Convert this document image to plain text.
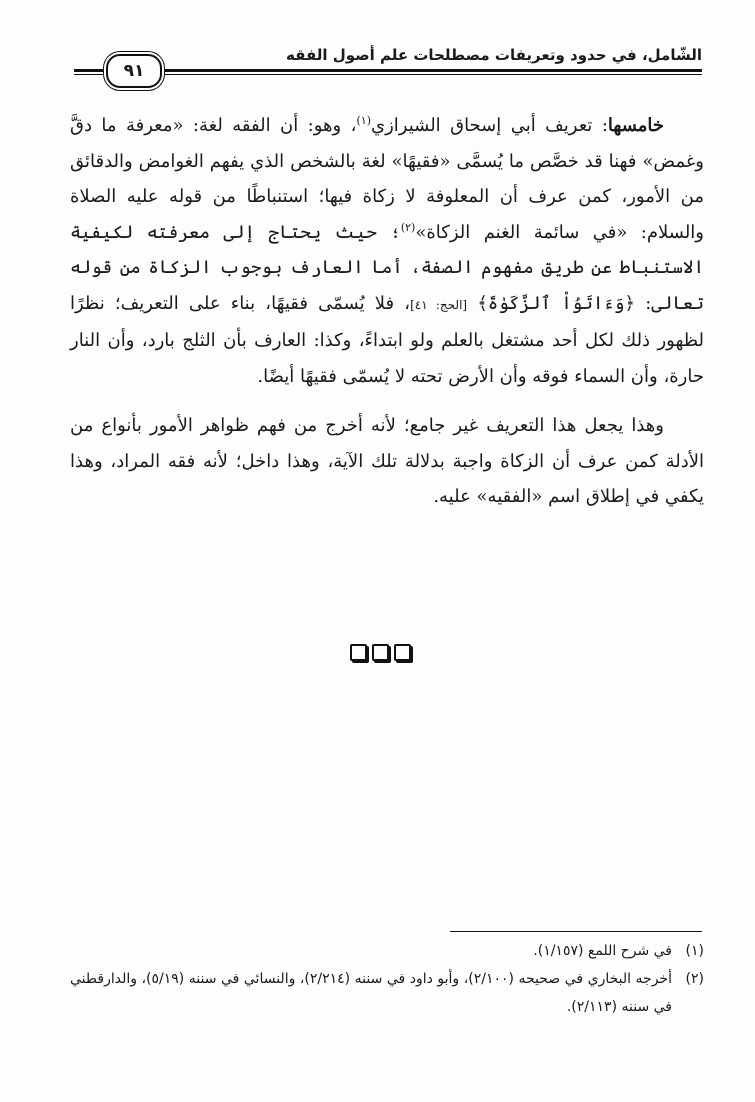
الشّامل، في حدود وتعريفات مصطلحات علم أصول الفقه
٩١

خامسها: تعريف أبي إسحاق الشيرازي$^{(١)}$، وهو: أن الفقه لغة: «معرفة ما دقَّ وغمض» فهنا قد خصَّص ما يُسمَّى «فقيهًا» لغة بالشخص الذي يفهم الغوامض والدقائق من الأمور، كمن عرف أن المعلوفة لا زكاة فيها؛ استنباطًا من قوله عليه الصلاة والسلام: «في سائمة الغنم الزكاة»$^{(٢)}$؛ حيث يحتاج إلى معرفته لكيفية الاستنباط عن طريق مفهوم الصفة، أما العارف بوجوب الزكاة من قوله تعالى: ﴿وَءَاتَوُاْ ٱلزَّكَوٰةَ﴾ [الحج: ٤١]، فلا يُسمّى فقيهًا، بناء على التعريف؛ نظرًا لظهور ذلك لكل أحد مشتغل بالعلم ولو ابتداءً، وكذا: العارف بأن الثلج بارد، وأن النار حارة، وأن السماء فوقه وأن الأرض تحته لا يُسمّى فقيهًا أيضًا.

وهذا يجعل هذا التعريف غير جامع؛ لأنه أخرج من فهم ظواهر الأمور بأنواع من الأدلة كمن عرف أن الزكاة واجبة بدلالة تلك الآية، وهذا داخل؛ لأنه فقه المراد، وهذا يكفي في إطلاق اسم «الفقيه» عليه.

(١)
في شرح اللمع (١/١٥٧).
(٢)
أخرجه البخاري في صحيحه (٢/١٠٠)، وأبو داود في سننه (٢/٢١٤)، والنسائي في سننه (٥/١٩)، والدارقطني في سننه (٢/١١٣).
